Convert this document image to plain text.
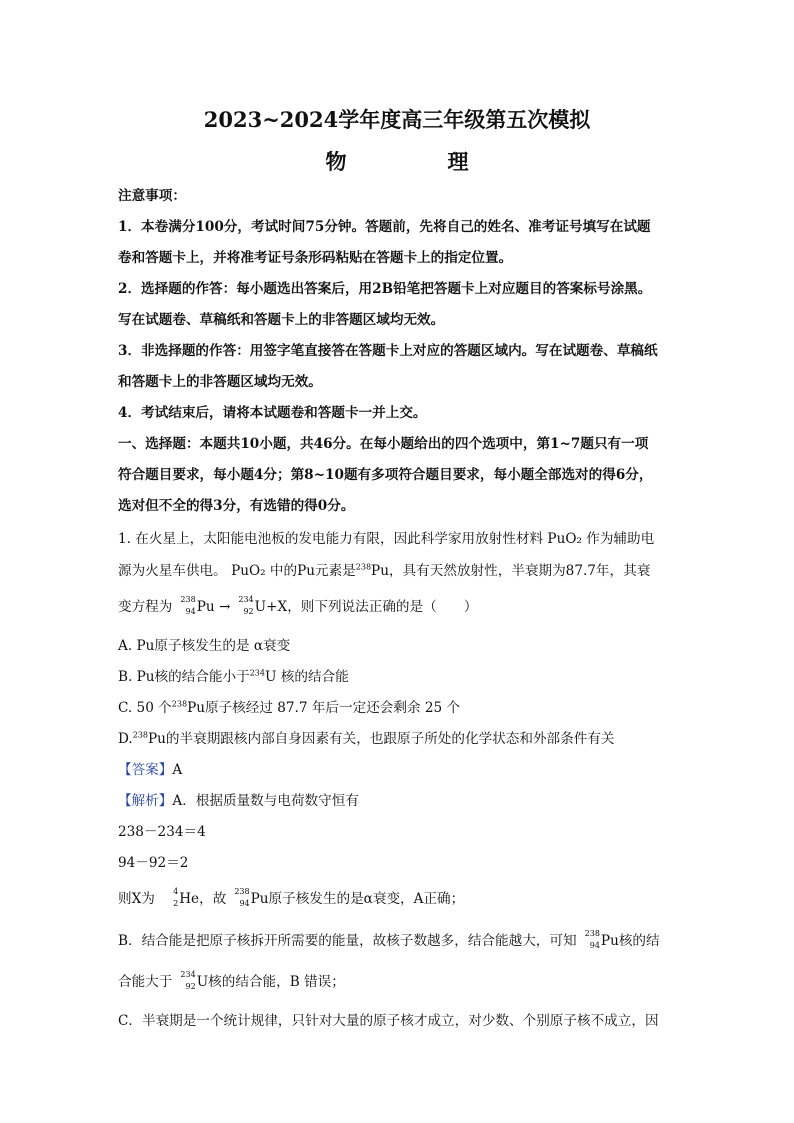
2023~2024学年度高三年级第五次模拟
物　理
注意事项：
1．本卷满分100分，考试时间75分钟。答题前，先将自己的姓名、准考证号填写在试题
卷和答题卡上，并将准考证号条形码粘贴在答题卡上的指定位置。
2．选择题的作答：每小题选出答案后，用2B铅笔把答题卡上对应题目的答案标号涂黑。
写在试题卷、草稿纸和答题卡上的非答题区域均无效。
3．非选择题的作答：用签字笔直接答在答题卡上对应的答题区域内。写在试题卷、草稿纸
和答题卡上的非答题区域均无效。
4．考试结束后，请将本试题卷和答题卡一并上交。
一、选择题：本题共10小题，共46分。在每小题给出的四个选项中，第1~7题只有一项
符合题目要求，每小题4分；第8~10题有多项符合题目要求，每小题全部选对的得6分，
选对但不全的得3分，有选错的得0分。
1. 在火星上，太阳能电池板的发电能力有限，因此科学家用放射性材料 PuO₂ 作为辅助电
源为火星车供电。 PuO₂ 中的Pu元素是$^{238}$Pu，具有天然放射性，半衰期为87.7年，其衰
变方程为 238
94 Pu → 234
92 U+X，则下列说法正确的是（　　）
A. Pu原子核发生的是 α衰变
B. Pu核的结合能小于$^{234}$U 核的结合能
C. 50 个$^{238}$Pu原子核经过 87.7 年后一定还会剩余 25 个
D.$^{238}$Pu的半衰期跟核内部自身因素有关，也跟原子所处的化学状态和外部条件有关
【答案】A
【解析】A．根据质量数与电荷数守恒有
238－234＝4
94－92＝2
则X为 4
2 He，故 238
94 Pu原子核发生的是α衰变，A正确；
B．结合能是把原子核拆开所需要的能量，故核子数越多，结合能越大，可知 238
94 Pu核的结
合能大于 234
92 U核的结合能，B 错误；
C．半衰期是一个统计规律，只针对大量的原子核才成立，对少数、个别原子核不成立，因
